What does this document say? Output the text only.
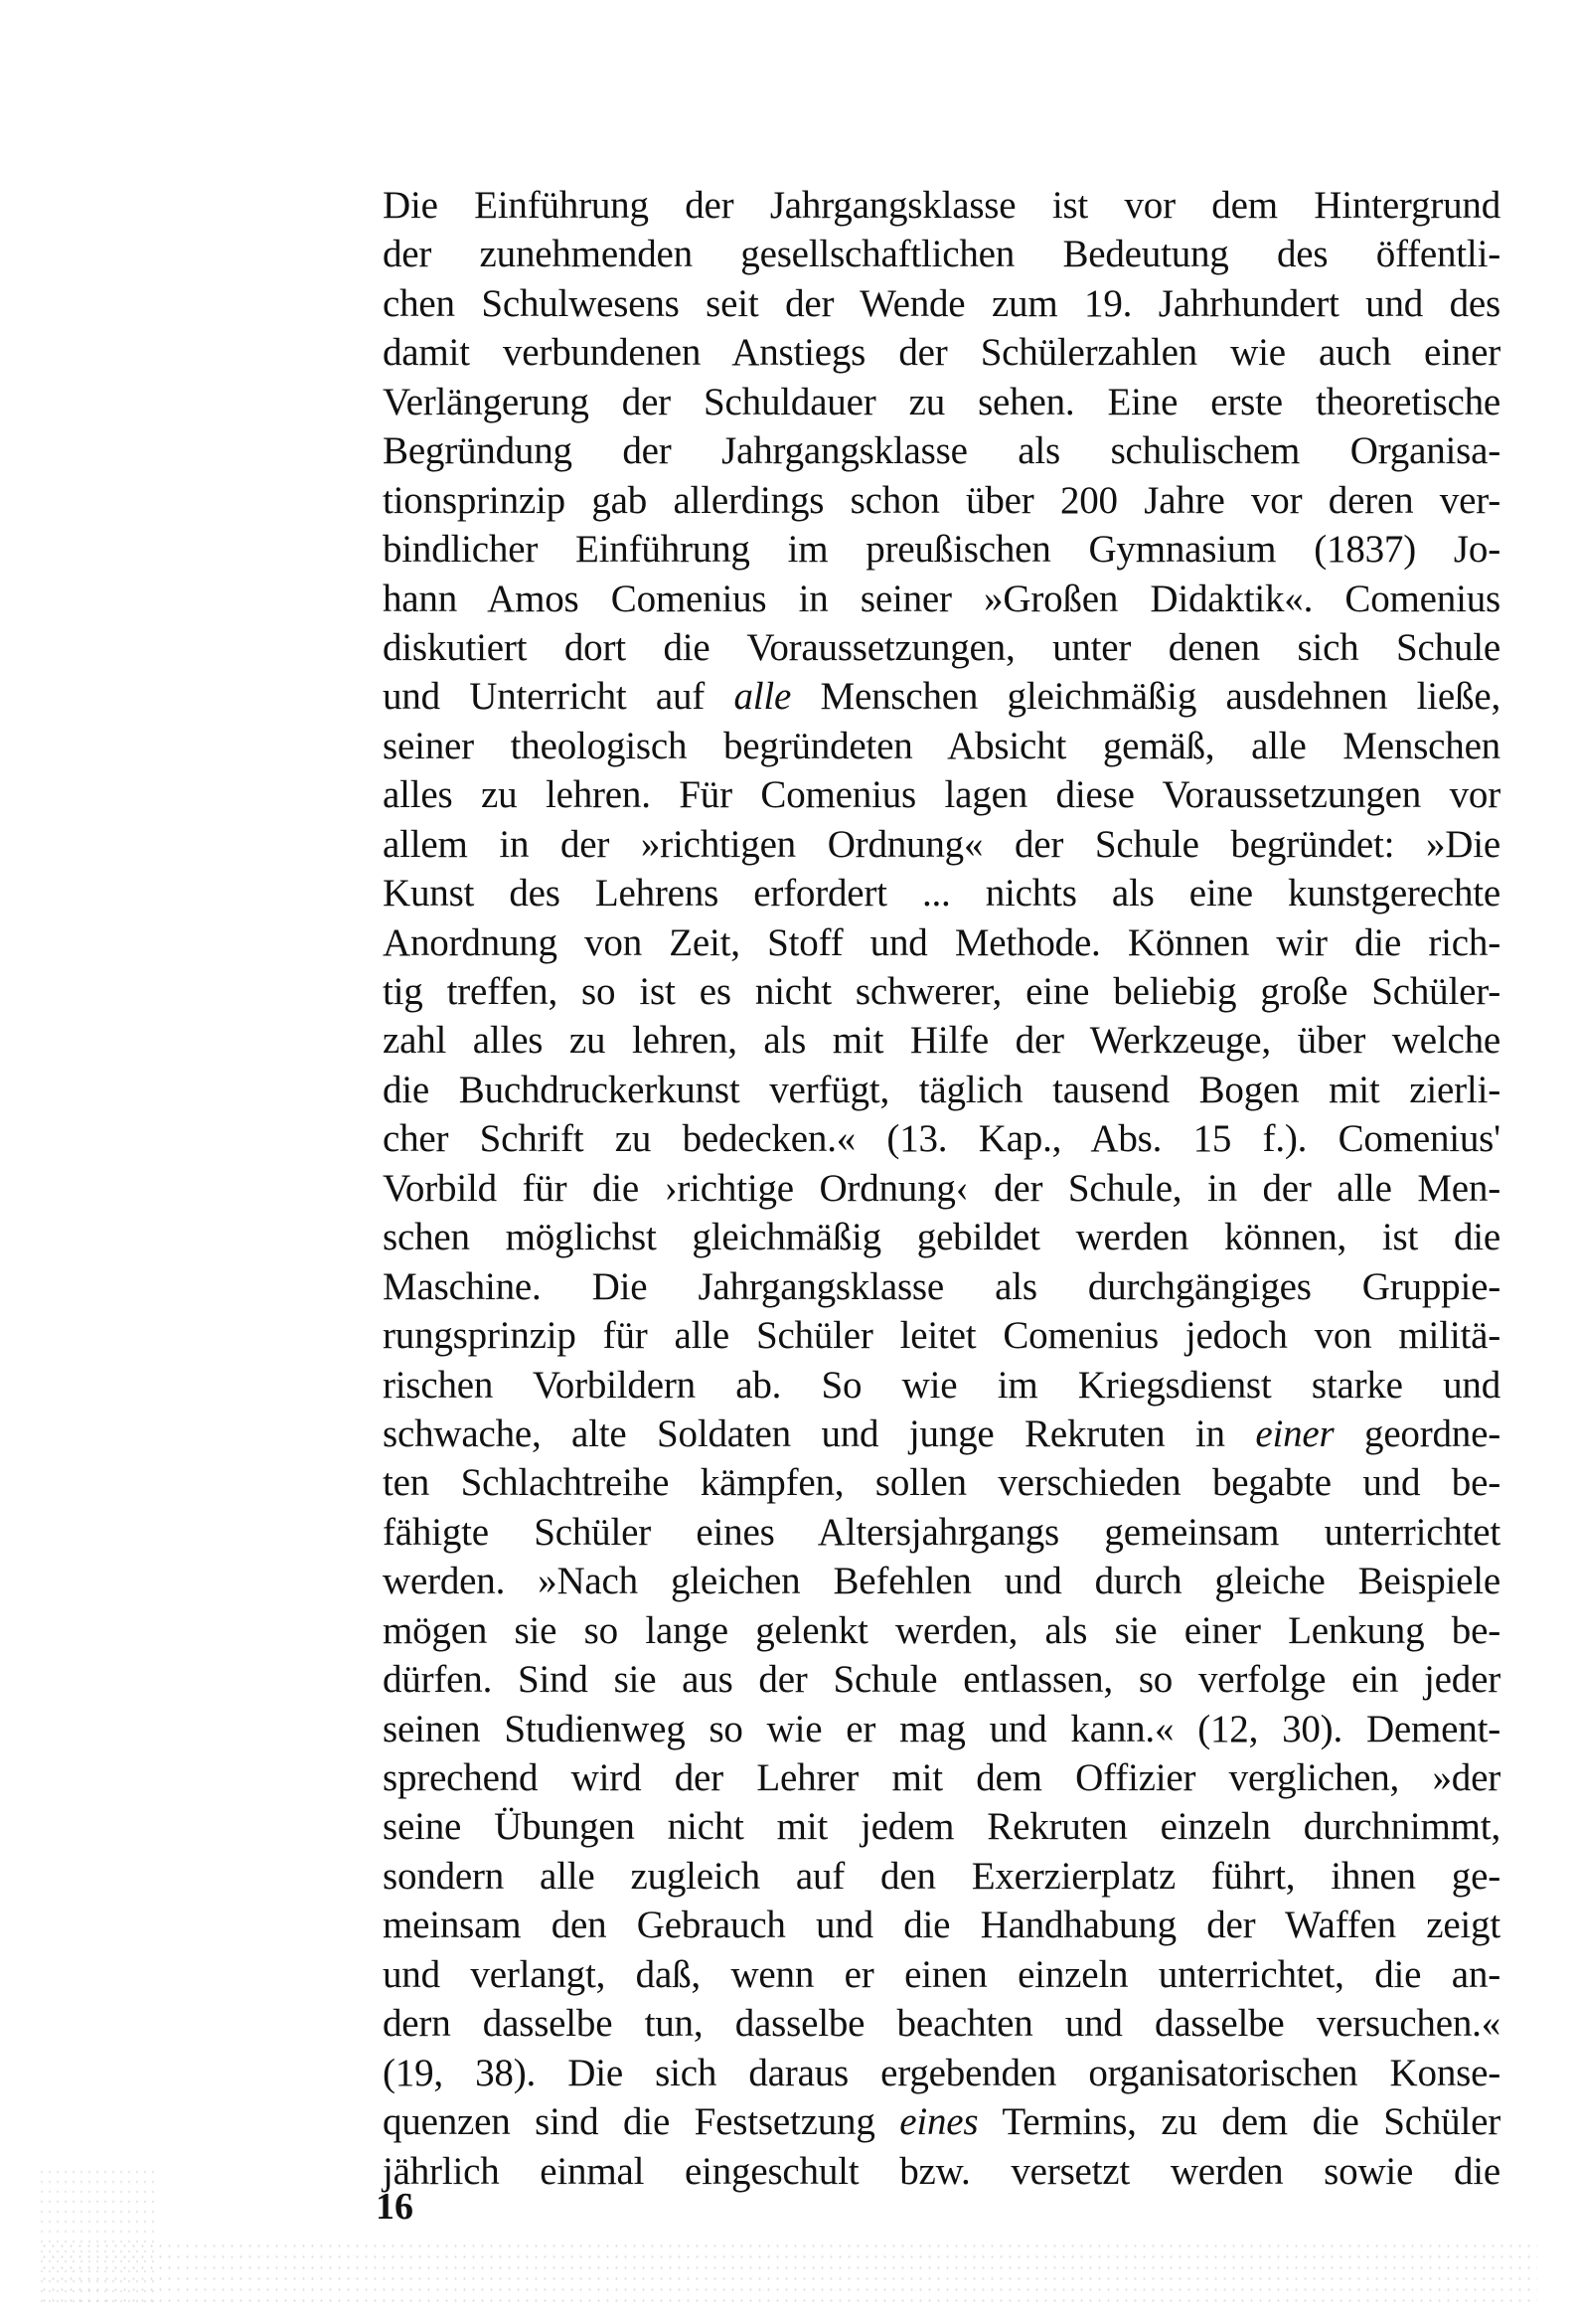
Die Einführung der Jahrgangsklasse ist vor dem Hintergrund
der zunehmenden gesellschaftlichen Bedeutung des öffentli-
chen Schulwesens seit der Wende zum 19. Jahrhundert und des
damit verbundenen Anstiegs der Schülerzahlen wie auch einer
Verlängerung der Schuldauer zu sehen. Eine erste theoretische
Begründung der Jahrgangsklasse als schulischem Organisa-
tionsprinzip gab allerdings schon über 200 Jahre vor deren ver-
bindlicher Einführung im preußischen Gymnasium (1837) Jo-
hann Amos Comenius in seiner »Großen Didaktik«. Comenius
diskutiert dort die Voraussetzungen, unter denen sich Schule
und Unterricht auf alle Menschen gleichmäßig ausdehnen ließe,
seiner theologisch begründeten Absicht gemäß, alle Menschen
alles zu lehren. Für Comenius lagen diese Voraussetzungen vor
allem in der »richtigen Ordnung« der Schule begründet: »Die
Kunst des Lehrens erfordert ... nichts als eine kunstgerechte
Anordnung von Zeit, Stoff und Methode. Können wir die rich-
tig treffen, so ist es nicht schwerer, eine beliebig große Schüler-
zahl alles zu lehren, als mit Hilfe der Werkzeuge, über welche
die Buchdruckerkunst verfügt, täglich tausend Bogen mit zierli-
cher Schrift zu bedecken.« (13. Kap., Abs. 15 f.). Comenius'
Vorbild für die ›richtige Ordnung‹ der Schule, in der alle Men-
schen möglichst gleichmäßig gebildet werden können, ist die
Maschine. Die Jahrgangsklasse als durchgängiges Gruppie-
rungsprinzip für alle Schüler leitet Comenius jedoch von militä-
rischen Vorbildern ab. So wie im Kriegsdienst starke und
schwache, alte Soldaten und junge Rekruten in einer geordne-
ten Schlachtreihe kämpfen, sollen verschieden begabte und be-
fähigte Schüler eines Altersjahrgangs gemeinsam unterrichtet
werden. »Nach gleichen Befehlen und durch gleiche Beispiele
mögen sie so lange gelenkt werden, als sie einer Lenkung be-
dürfen. Sind sie aus der Schule entlassen, so verfolge ein jeder
seinen Studienweg so wie er mag und kann.« (12, 30). Dement-
sprechend wird der Lehrer mit dem Offizier verglichen, »der
seine Übungen nicht mit jedem Rekruten einzeln durchnimmt,
sondern alle zugleich auf den Exerzierplatz führt, ihnen ge-
meinsam den Gebrauch und die Handhabung der Waffen zeigt
und verlangt, daß, wenn er einen einzeln unterrichtet, die an-
dern dasselbe tun, dasselbe beachten und dasselbe versuchen.«
(19, 38). Die sich daraus ergebenden organisatorischen Konse-
quenzen sind die Festsetzung eines Termins, zu dem die Schüler
jährlich einmal eingeschult bzw. versetzt werden sowie die
16
